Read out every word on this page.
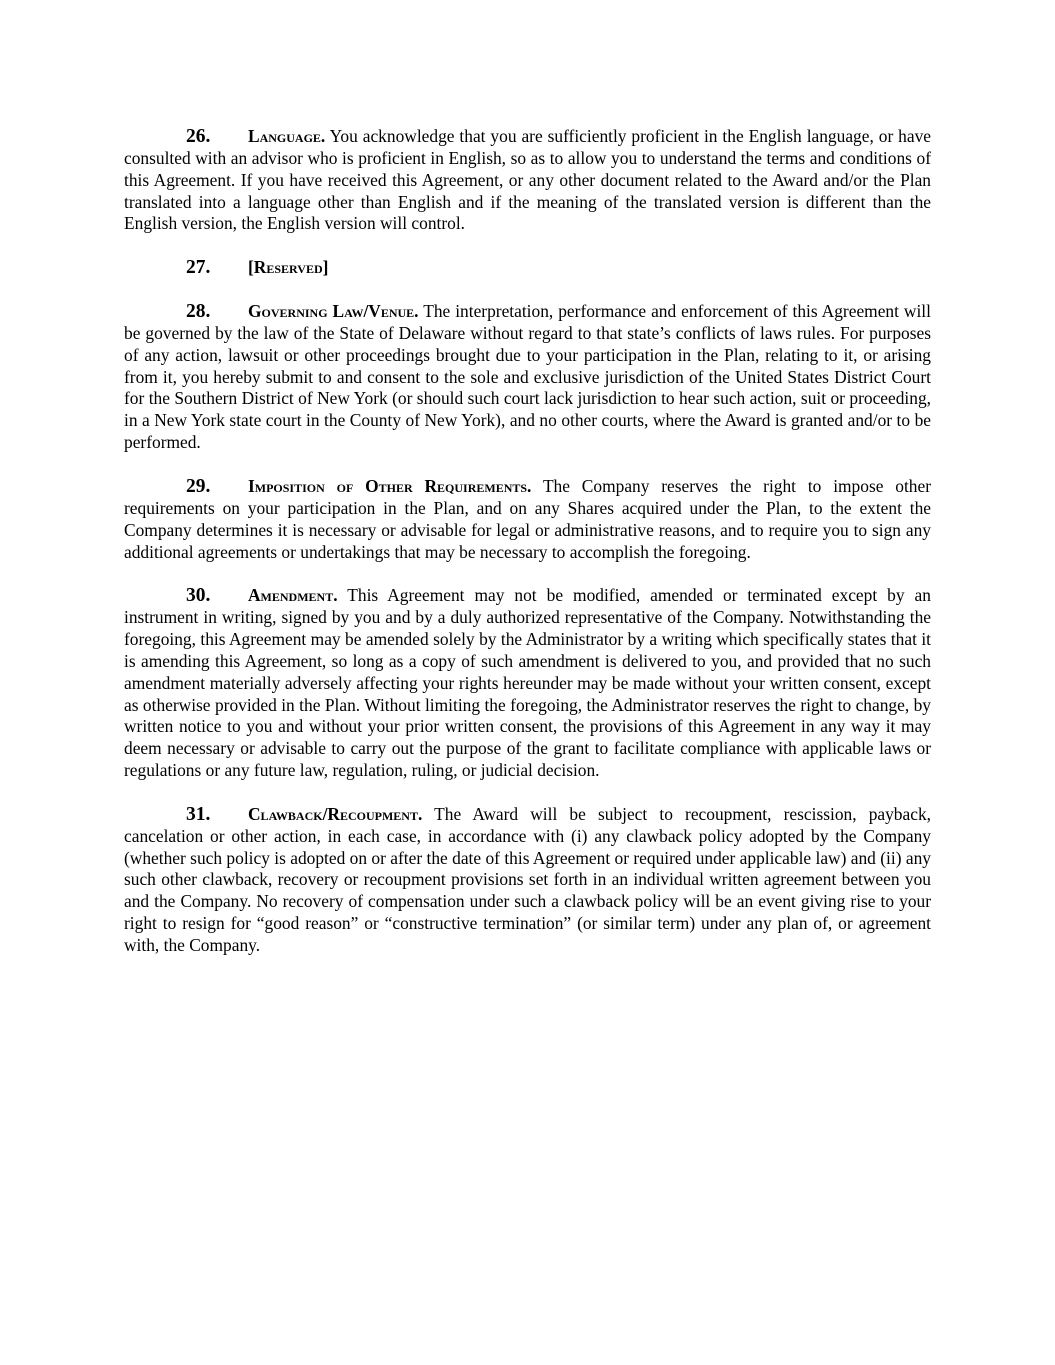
26. Language. You acknowledge that you are sufficiently proficient in the English language, or have consulted with an advisor who is proficient in English, so as to allow you to understand the terms and conditions of this Agreement. If you have received this Agreement, or any other document related to the Award and/or the Plan translated into a language other than English and if the meaning of the translated version is different than the English version, the English version will control.

27. [Reserved]

28. Governing Law/Venue. The interpretation, performance and enforcement of this Agreement will be governed by the law of the State of Delaware without regard to that state’s conflicts of laws rules. For purposes of any action, lawsuit or other proceedings brought due to your participation in the Plan, relating to it, or arising from it, you hereby submit to and consent to the sole and exclusive jurisdiction of the United States District Court for the Southern District of New York (or should such court lack jurisdiction to hear such action, suit or proceeding, in a New York state court in the County of New York), and no other courts, where the Award is granted and/or to be performed.

29. Imposition of Other Requirements. The Company reserves the right to impose other requirements on your participation in the Plan, and on any Shares acquired under the Plan, to the extent the Company determines it is necessary or advisable for legal or administrative reasons, and to require you to sign any additional agreements or undertakings that may be necessary to accomplish the foregoing.

30. Amendment. This Agreement may not be modified, amended or terminated except by an instrument in writing, signed by you and by a duly authorized representative of the Company. Notwithstanding the foregoing, this Agreement may be amended solely by the Administrator by a writing which specifically states that it is amending this Agreement, so long as a copy of such amendment is delivered to you, and provided that no such amendment materially adversely affecting your rights hereunder may be made without your written consent, except as otherwise provided in the Plan. Without limiting the foregoing, the Administrator reserves the right to change, by written notice to you and without your prior written consent, the provisions of this Agreement in any way it may deem necessary or advisable to carry out the purpose of the grant to facilitate compliance with applicable laws or regulations or any future law, regulation, ruling, or judicial decision.

31. Clawback/Recoupment. The Award will be subject to recoupment, rescission, payback, cancelation or other action, in each case, in accordance with (i) any clawback policy adopted by the Company (whether such policy is adopted on or after the date of this Agreement or required under applicable law) and (ii) any such other clawback, recovery or recoupment provisions set forth in an individual written agreement between you and the Company. No recovery of compensation under such a clawback policy will be an event giving rise to your right to resign for “good reason” or “constructive termination” (or similar term) under any plan of, or agreement with, the Company.
